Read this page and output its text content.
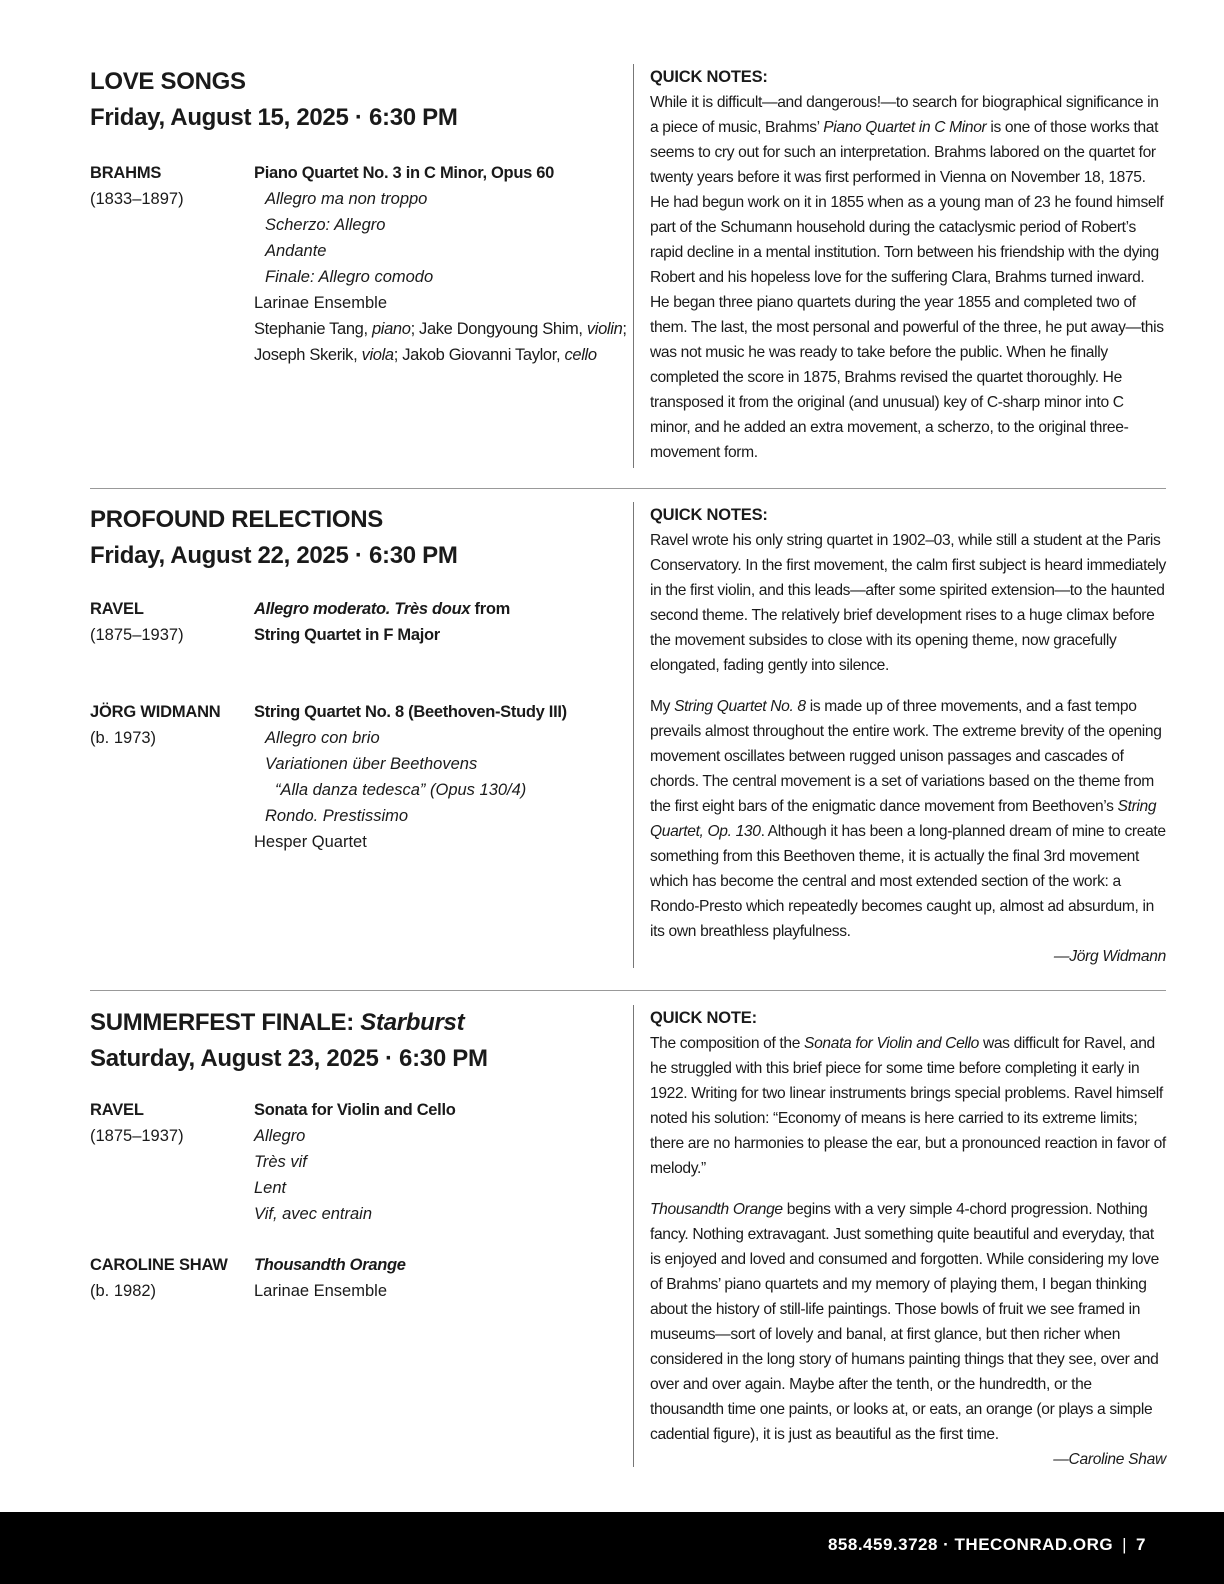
LOVE SONGS
Friday, August 15, 2025 · 6:30 PM
BRAHMS
(1833–1897)
Piano Quartet No. 3 in C Minor, Opus 60
Allegro ma non troppo
Scherzo: Allegro
Andante
Finale: Allegro comodo
Larinae Ensemble
Stephanie Tang, piano; Jake Dongyoung Shim, violin;
Joseph Skerik, viola; Jakob Giovanni Taylor, cello
QUICK NOTES:

While it is difficult—and dangerous!—to search for biographical significance in a piece of music, Brahms’ Piano Quartet in C Minor is one of those works that seems to cry out for such an interpretation. Brahms labored on the quartet for twenty years before it was first performed in Vienna on November 18, 1875. He had begun work on it in 1855 when as a young man of 23 he found himself part of the Schumann household during the cataclysmic period of Robert’s rapid decline in a mental institution. Torn between his friendship with the dying Robert and his hopeless love for the suffering Clara, Brahms turned inward. He began three piano quartets during the year 1855 and completed two of them. The last, the most personal and powerful of the three, he put away—this was not music he was ready to take before the public. When he finally completed the score in 1875, Brahms revised the quartet thoroughly. He transposed it from the original (and unusual) key of C-sharp minor into C minor, and he added an extra movement, a scherzo, to the original three-movement form.

PROFOUND RELECTIONS
Friday, August 22, 2025 · 6:30 PM
RAVEL
(1875–1937)
Allegro moderato. Très doux from
String Quartet in F Major
JÖRG WIDMANN
(b. 1973)
String Quartet No. 8 (Beethoven-Study III)
Allegro con brio
Variationen über Beethovens
“Alla danza tedesca” (Opus 130/4)
Rondo. Prestissimo
Hesper Quartet
QUICK NOTES:

Ravel wrote his only string quartet in 1902–03, while still a student at the Paris Conservatory. In the first movement, the calm first subject is heard immediately in the first violin, and this leads—after some spirited extension—to the haunted second theme. The relatively brief development rises to a huge climax before the movement subsides to close with its opening theme, now gracefully elongated, fading gently into silence.

My String Quartet No. 8 is made up of three movements, and a fast tempo prevails almost throughout the entire work. The extreme brevity of the opening movement oscillates between rugged unison passages and cascades of chords. The central movement is a set of variations based on the theme from the first eight bars of the enigmatic dance movement from Beethoven’s String Quartet, Op. 130. Although it has been a long-planned dream of mine to create something from this Beethoven theme, it is actually the final 3rd movement which has become the central and most extended section of the work: a Rondo-Presto which repeatedly becomes caught up, almost ad absurdum, in its own breathless playfulness.

—Jörg Widmann
SUMMERFEST FINALE: Starburst
Saturday, August 23, 2025 · 6:30 PM
RAVEL
(1875–1937)
Sonata for Violin and Cello
Allegro
Très vif
Lent
Vif, avec entrain
CAROLINE SHAW
(b. 1982)
Thousandth Orange
Larinae Ensemble
QUICK NOTE:

The composition of the Sonata for Violin and Cello was difficult for Ravel, and he struggled with this brief piece for some time before completing it early in 1922. Writing for two linear instruments brings special problems. Ravel himself noted his solution: “Economy of means is here carried to its extreme limits; there are no harmonies to please the ear, but a pronounced reaction in favor of melody.”

Thousandth Orange begins with a very simple 4-chord progression. Nothing fancy. Nothing extravagant. Just something quite beautiful and everyday, that is enjoyed and loved and consumed and forgotten. While considering my love of Brahms’ piano quartets and my memory of playing them, I began thinking about the history of still-life paintings. Those bowls of fruit we see framed in museums—sort of lovely and banal, at first glance, but then richer when considered in the long story of humans painting things that they see, over and over and over again. Maybe after the tenth, or the hundredth, or the thousandth time one paints, or looks at, or eats, an orange (or plays a simple cadential figure), it is just as beautiful as the first time.

—Caroline Shaw
858.459.3728 · THECONRAD.ORG | 7
